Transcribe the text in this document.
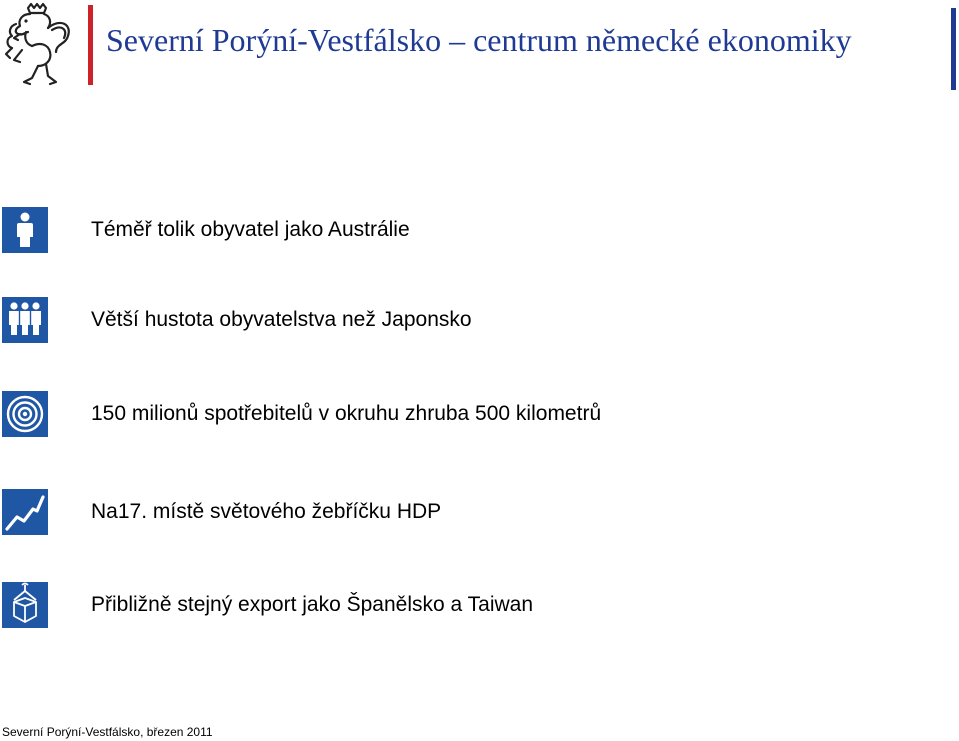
Severní Porýní-Vestfálsko – centrum německé ekonomiky
Téměř tolik obyvatel jako Austrálie
Větší hustota obyvatelstva než Japonsko
150 milionů spotřebitelů v okruhu zhruba 500 kilometrů
Na17. místě světového žebříčku HDP
Přibližně stejný export jako Španělsko a Taiwan
Severní Porýní-Vestfálsko, březen 2011
